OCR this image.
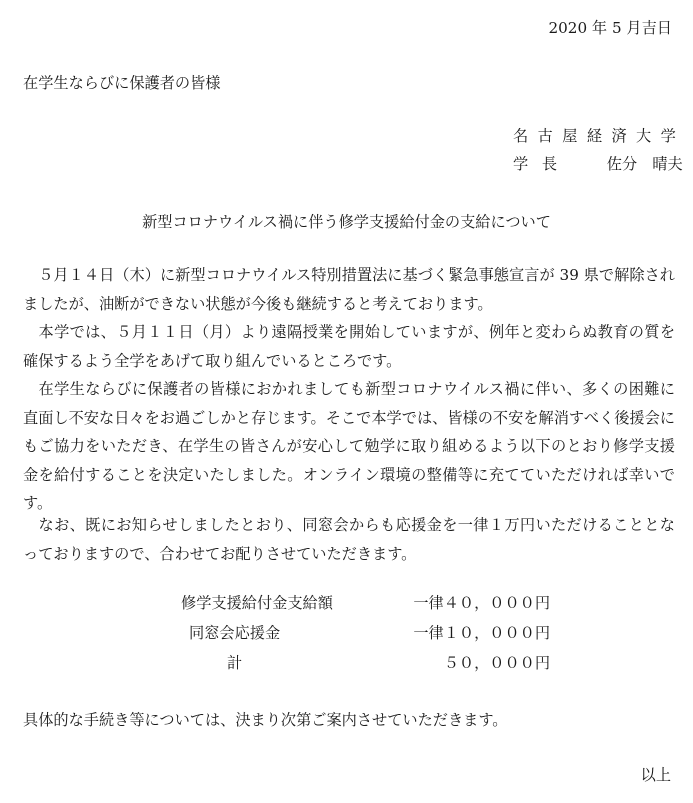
2020 年 5 月吉日
在学生ならびに保護者の皆様
名古屋経済大学
学長 佐分　晴夫
新型コロナウイルス禍に伴う修学支援給付金の支給について

　５月１４日（木）に新型コロナウイルス特別措置法に基づく緊急事態宣言が 39 県で解除されましたが、油断ができない状態が今後も継続すると考えております。

　本学では、５月１１日（月）より遠隔授業を開始していますが、例年と変わらぬ教育の質を確保するよう全学をあげて取り組んでいるところです。

　在学生ならびに保護者の皆様におかれましても新型コロナウイルス禍に伴い、多くの困難に直面し不安な日々をお過ごしかと存じます。そこで本学では、皆様の不安を解消すべく後援会にもご協力をいただき、在学生の皆さんが安心して勉学に取り組めるよう以下のとおり修学支援金を給付することを決定いたしました。オンライン環境の整備等に充てていただければ幸いです。

　なお、既にお知らせしましたとおり、同窓会からも応援金を一律１万円いただけることとなっておりますので、合わせてお配りさせていただきます。

修学支援給付金支給額	一律４０，０００円
同窓会応援金	一律１０，０００円
計	５０，０００円
具体的な手続き等については、決まり次第ご案内させていただきます。
以上
